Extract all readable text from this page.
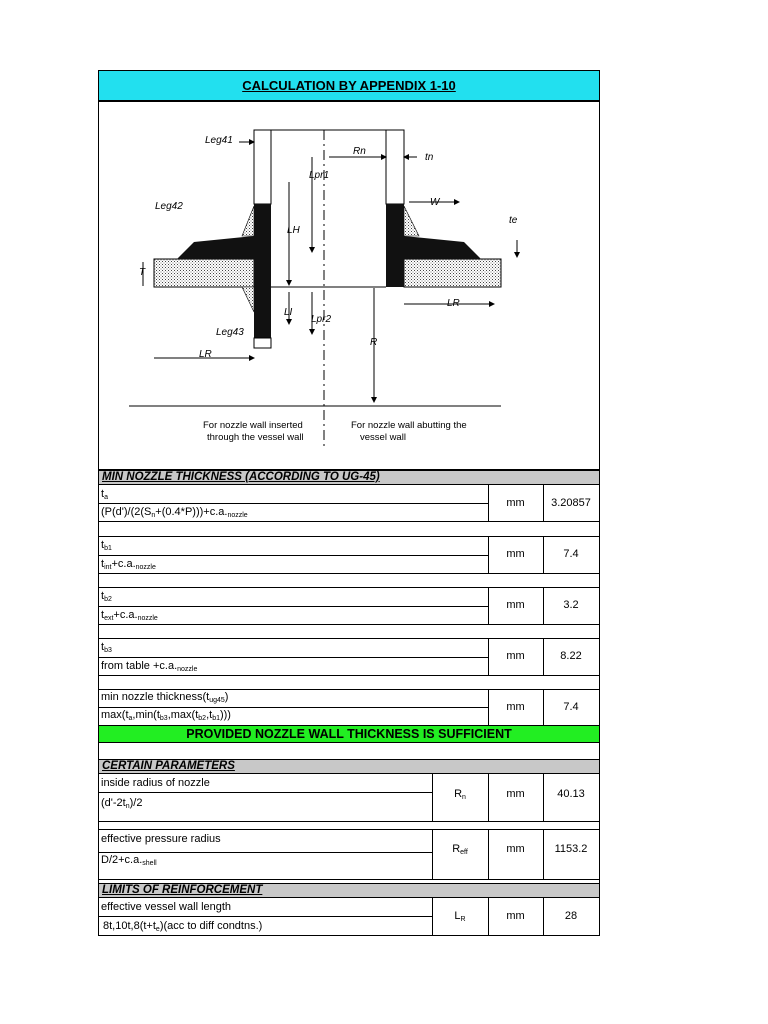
CALCULATION BY APPENDIX 1-10
Leg41
Rn
tn
Leg42
Lpr1
LH
W
te
T
LR
LI
Lpr2
Leg43
LR
R
For nozzle wall inserted
through the vessel wall
For nozzle wall abutting the
vessel wall
MIN NOZZLE THICKNESS (ACCORDING TO UG-45)
$t_a$
($P(d')/(2(S_n+(0.4*P)))+c.a._{nozzle}$
mm	3.20857
$t_{b1}$
$t_{int}+c.a._{nozzle}$
mm	7.4
$t_{b2}$
$t_{ext}+c.a._{nozzle}$
mm	3.2
$t_{b3}$
from table $+c.a._{nozzle}$
mm	8.22
min nozzle $thickness(t_{ug45})$
$\max(t_a,\min(t_{b3},\max(t_{b2},t_{b1})))$
mm	7.4
PROVIDED NOZZLE WALL THICKNESS IS SUFFICIENT
CERTAIN PARAMETERS
inside radius of nozzle
$(d'-2t_n)/2$
$R_n$	mm	40.13
effective pressure radius
$D/2+c.a._{shell}$
$R_{eff}$	mm	1153.2
LIMITS OF REINFORCEMENT
effective vessel wall length
$8t,10t,8(t+t_e)(acc$ to diff condtns.)
$L_R$	mm	28
